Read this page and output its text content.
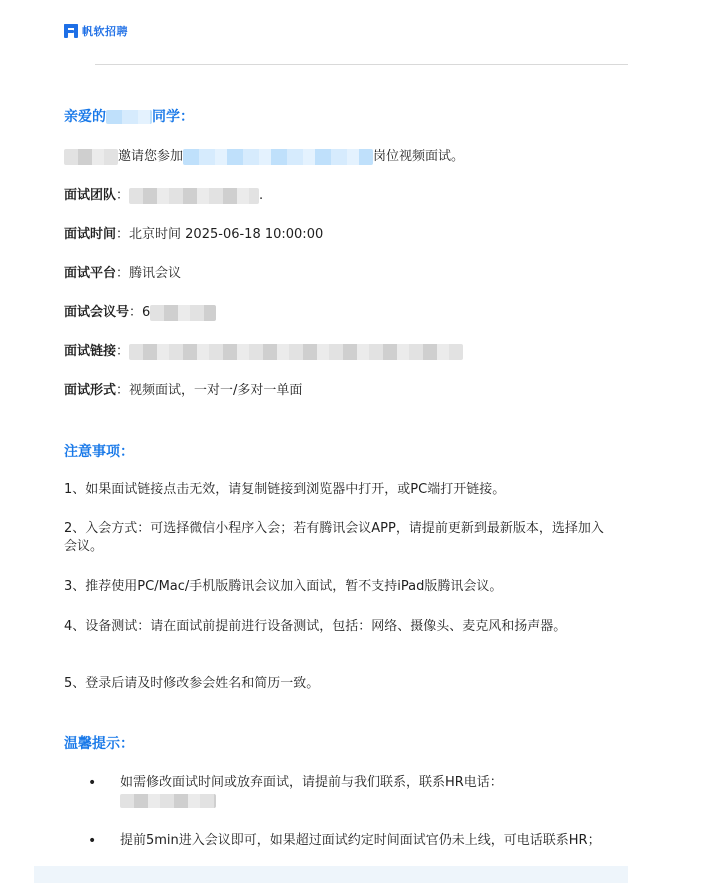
帆软招聘
亲爱的	同学：
邀请您参加	岗位视频面试。
面试团队：	.
面试时间：北京时间 2025-06-18 10:00:00
面试平台：腾讯会议
面试会议号：6
面试链接：
面试形式：视频面试，一对一/多对一单面
注意事项：
1、如果面试链接点击无效，请复制链接到浏览器中打开，或PC端打开链接。
2、入会方式：可选择微信小程序入会；若有腾讯会议APP，请提前更新到最新版本，选择加入会议。
3、推荐使用PC/Mac/手机版腾讯会议加入面试，暂不支持iPad版腾讯会议。
4、设备测试：请在面试前提前进行设备测试，包括：网络、摄像头、麦克风和扬声器。
5、登录后请及时修改参会姓名和简历一致。
温馨提示：
• 如需修改面试时间或放弃面试，请提前与我们联系，联系HR电话：

• 提前5min进入会议即可，如果超过面试约定时间面试官仍未上线，可电话联系HR；
